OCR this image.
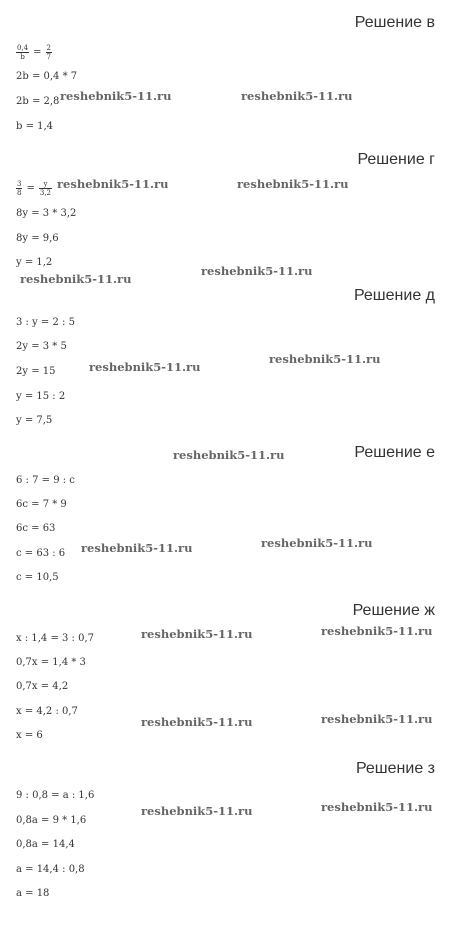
Решение в
$\frac{0,4}{b} = \frac{2}{7}$
2b = 0,4 * 7
2b = 2,8
b = 1,4
Решение г
$\frac{3}{8} = \frac{y}{3,2}$
8y = 3 * 3,2
8y = 9,6
y = 1,2
Решение д
3 : y = 2 : 5
2y = 3 * 5
2y = 15
y = 15 : 2
y = 7,5
Решение е
6 : 7 = 9 : c
6c = 7 * 9
6c = 63
c = 63 : 6
c = 10,5
Решение ж
x : 1,4 = 3 : 0,7
0,7x = 1,4 * 3
0,7x = 4,2
x = 4,2 : 0,7
x = 6
Решение з
9 : 0,8 = a : 1,6
0,8a = 9 * 1,6
0,8a = 14,4
a = 14,4 : 0,8
a = 18
reshebnik5-11.ru	reshebnik5-11.ru
reshebnik5-11.ru	reshebnik5-11.ru
reshebnik5-11.ru
reshebnik5-11.ru
reshebnik5-11.ru
reshebnik5-11.ru
reshebnik5-11.ru
reshebnik5-11.ru	reshebnik5-11.ru
reshebnik5-11.ru	reshebnik5-11.ru
reshebnik5-11.ru	reshebnik5-11.ru
reshebnik5-11.ru	reshebnik5-11.ru
